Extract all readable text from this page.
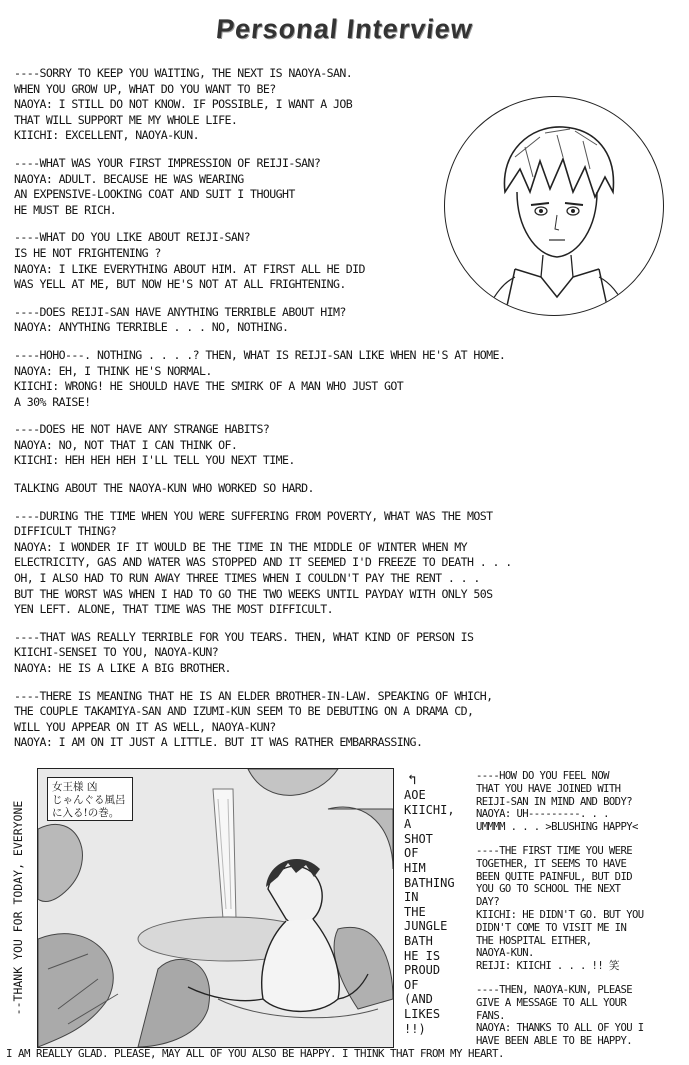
Personal Interview
----SORRY TO KEEP YOU WAITING, THE NEXT IS NAOYA-SAN.
WHEN YOU GROW UP, WHAT DO YOU WANT TO BE?
NAOYA: I STILL DO NOT KNOW. IF POSSIBLE, I WANT A JOB
THAT WILL SUPPORT ME MY WHOLE LIFE.
KIICHI: EXCELLENT, NAOYA-KUN.
----WHAT WAS YOUR FIRST IMPRESSION OF REIJI-SAN?
NAOYA: ADULT. BECAUSE HE WAS WEARING
AN EXPENSIVE-LOOKING COAT AND SUIT I THOUGHT
HE MUST BE RICH.
----WHAT DO YOU LIKE ABOUT REIJI-SAN?
IS HE NOT FRIGHTENING ?
NAOYA: I LIKE EVERYTHING ABOUT HIM. AT FIRST ALL HE DID
WAS YELL AT ME, BUT NOW HE'S NOT AT ALL FRIGHTENING.
----DOES REIJI-SAN HAVE ANYTHING TERRIBLE ABOUT HIM?
NAOYA: ANYTHING TERRIBLE . . . NO, NOTHING.
----HOHO---. NOTHING . . . .? THEN, WHAT IS REIJI-SAN LIKE WHEN HE'S AT HOME.
NAOYA: EH, I THINK HE'S NORMAL.
KIICHI: WRONG! HE SHOULD HAVE THE SMIRK OF A MAN WHO JUST GOT
A 30% RAISE!
----DOES HE NOT HAVE ANY STRANGE HABITS?
NAOYA: NO, NOT THAT I CAN THINK OF.
KIICHI: HEH HEH HEH I'LL TELL YOU NEXT TIME.
TALKING ABOUT THE NAOYA-KUN WHO WORKED SO HARD.
----DURING THE TIME WHEN YOU WERE SUFFERING FROM POVERTY, WHAT WAS THE MOST
DIFFICULT THING?
NAOYA: I WONDER IF IT WOULD BE THE TIME IN THE MIDDLE OF WINTER WHEN MY
ELECTRICITY, GAS AND WATER WAS STOPPED AND IT SEEMED I'D FREEZE TO DEATH . . .
OH, I ALSO HAD TO RUN AWAY THREE TIMES WHEN I COULDN'T PAY THE RENT . . .
BUT THE WORST WAS WHEN I HAD TO GO THE TWO WEEKS UNTIL PAYDAY WITH ONLY 50S
YEN LEFT. ALONE, THAT TIME WAS THE MOST DIFFICULT.
----THAT WAS REALLY TERRIBLE FOR YOU TEARS. THEN, WHAT KIND OF PERSON IS
KIICHI-SENSEI TO YOU, NAOYA-KUN?
NAOYA: HE IS A LIKE A BIG BROTHER.
----THERE IS MEANING THAT HE IS AN ELDER BROTHER-IN-LAW. SPEAKING OF WHICH,
THE COUPLE TAKAMIYA-SAN AND IZUMI-KUN SEEM TO BE DEBUTING ON A DRAMA CD,
WILL YOU APPEAR ON IT AS WELL, NAOYA-KUN?
NAOYA: I AM ON IT JUST A LITTLE. BUT IT WAS RATHER EMBARRASSING.
--THANK YOU FOR TODAY, EVERYONE
女王様 凶
じゃんぐる風呂
に入る!の巻。
↰
AOE
KIICHI,
A
SHOT
OF
HIM
BATHING
IN
THE
JUNGLE
BATH
HE IS
PROUD
OF
(AND
LIKES
!!)
----HOW DO YOU FEEL NOW
THAT YOU HAVE JOINED WITH
REIJI-SAN IN MIND AND BODY?
NAOYA: UH---------. . .
UMMMM . . . >BLUSHING HAPPY<
----THE FIRST TIME YOU WERE
TOGETHER, IT SEEMS TO HAVE
BEEN QUITE PAINFUL, BUT DID
YOU GO TO SCHOOL THE NEXT
DAY?
KIICHI: HE DIDN'T GO. BUT YOU
DIDN'T COME TO VISIT ME IN
THE HOSPITAL EITHER,
NAOYA-KUN.
REIJI: KIICHI . . . !! 笑
----THEN, NAOYA-KUN, PLEASE
GIVE A MESSAGE TO ALL YOUR
FANS.
NAOYA: THANKS TO ALL OF YOU I
HAVE BEEN ABLE TO BE HAPPY.
I AM REALLY GLAD. PLEASE, MAY ALL OF YOU ALSO BE HAPPY. I THINK THAT FROM MY HEART.
